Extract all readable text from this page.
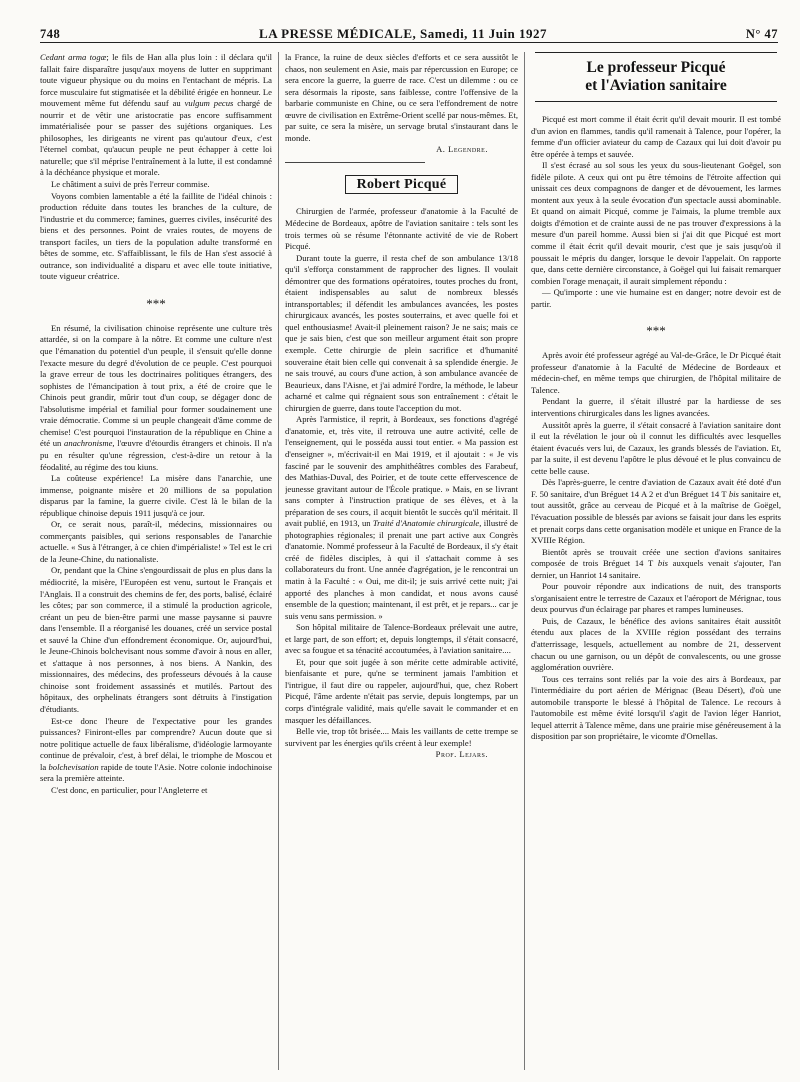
748	LA PRESSE MÉDICALE, Samedi, 11 Juin 1927	N° 47

Cedant arma togæ; le fils de Han alla plus loin : il déclara qu'il fallait faire disparaître jusqu'aux moyens de lutter en supprimant toute vigueur physique ou du moins en l'entachant de mépris. La force musculaire fut stigmatisée et la débilité érigée en honneur. Le mouvement même fut défendu sauf au vulgum pecus chargé de nourrir et de vêtir une aristocratie pas encore suffisamment immatérialisée pour se passer des sujétions organiques. Les philosophes, les dirigeants ne virent pas qu'autour d'eux, c'est l'éternel combat, qu'aucun peuple ne peut échapper à cette loi naturelle; que s'il méprise l'entraînement à la lutte, il est condamné à la déchéance physique et morale.

Le châtiment a suivi de près l'erreur commise.

Voyons combien lamentable a été la faillite de l'idéal chinois : production réduite dans toutes les branches de la culture, de l'industrie et du commerce; famines, guerres civiles, insécurité des biens et des personnes. Point de vraies routes, de moyens de transport faciles, un tiers de la population adulte transformé en bêtes de somme, etc. S'affaiblissant, le fils de Han s'est associé à outrance, son individualité a disparu et avec elle toute initiative, toute vigueur créatrice.

***

En résumé, la civilisation chinoise représente une culture très attardée, si on la compare à la nôtre. Et comme une culture n'est que l'émanation du potentiel d'un peuple, il s'ensuit qu'elle donne l'exacte mesure du degré d'évolution de ce peuple. C'est pourquoi la grave erreur de tous les doctrinaires politiques étrangers, des sophistes de l'émancipation à tout prix, a été de croire que le Chinois peut grandir, mûrir tout d'un coup, se dégager donc de l'absolutisme impérial et familial pour former soudainement une vraie démocratie. Comme si un peuple changeait d'âme comme de chemise! C'est pourquoi l'instauration de la république en Chine a été un anachronisme, l'œuvre d'étourdis étrangers et chinois. Il n'a pu en résulter qu'une régression, c'est-à-dire un retour à la féodalité, au régime des tou kiuns.

La coûteuse expérience! La misère dans l'anarchie, une immense, poignante misère et 20 millions de sa population disparus par la famine, la guerre civile. C'est là le bilan de la république chinoise depuis 1911 jusqu'à ce jour.

Or, ce serait nous, paraît-il, médecins, missionnaires ou commerçants paisibles, qui serions responsables de l'anarchie actuelle. « Sus à l'étranger, à ce chien d'impérialiste! » Tel est le cri de la Jeune-Chine, du nationaliste.

Or, pendant que la Chine s'engourdissait de plus en plus dans la médiocrité, la misère, l'Européen est venu, surtout le Français et l'Anglais. Il a construit des chemins de fer, des ports, balisé, éclairé les côtes; par son commerce, il a stimulé la production agricole, créant un peu de bien-être parmi une masse paysanne si pauvre dans l'ensemble. Il a réorganisé les douanes, créé un service postal et sauvé la Chine d'un effondrement économique. Or, aujourd'hui, le Jeune-Chinois bolchevisant nous somme d'avoir à nous en aller, et s'attaque à nos personnes, à nos biens. A Nankin, des missionnaires, des médecins, des professeurs dévoués à la cause chinoise sont froidement assassinés et mutilés. Partout des hôpitaux, des orphelinats étrangers sont détruits à l'instigation d'étudiants.

Est-ce donc l'heure de l'expectative pour les grandes puissances? Finiront-elles par comprendre? Aucun doute que si notre politique actuelle de faux libéralisme, d'idéologie larmoyante continue de prévaloir, c'est, à bref délai, le triomphe de Moscou et la bolchevisation rapide de toute l'Asie. Notre colonie indochinoise sera la première atteinte.

C'est donc, en particulier, pour l'Angleterre et

la France, la ruine de deux siècles d'efforts et ce sera aussitôt le chaos, non seulement en Asie, mais par répercussion en Europe; ce sera encore la guerre, la guerre de race. C'est un dilemme : ou ce sera désormais la riposte, sans faiblesse, contre l'offensive de la barbarie communiste en Chine, ou ce sera l'effondrement de notre œuvre de civilisation en Extrême-Orient scellé par nous-mêmes. Et, par suite, ce sera la misère, un servage brutal s'instaurant dans le monde.

A. Legendre.

Robert Picqué

Chirurgien de l'armée, professeur d'anatomie à la Faculté de Médecine de Bordeaux, apôtre de l'aviation sanitaire : tels sont les trois termes où se résume l'étonnante activité de vie de Robert Picqué.

Durant toute la guerre, il resta chef de son ambulance 13/18 qu'il s'efforça constamment de rapprocher des lignes. Il voulait démontrer que des formations opératoires, toutes proches du front, étaient indispensables au salut de nombreux blessés intransportables; il défendit les ambulances avancées, les postes chirurgicaux avancés, les postes souterrains, et avec quelle foi et quel enthousiasme! Avait-il pleinement raison? Je ne sais; mais ce que je sais bien, c'est que son meilleur argument était son propre exemple. Cette chirurgie de plein sacrifice et d'humanité souveraine était bien celle qui convenait à sa splendide énergie. Je ne sais trouvé, au cours d'une action, à son ambulance avancée de Beaurieux, dans l'Aisne, et j'ai admiré l'ordre, la méthode, le labeur acharné et calme qui régnaient sous son entraînement : c'était le chirurgien de guerre, dans toute l'acception du mot.

Après l'armistice, il reprit, à Bordeaux, ses fonctions d'agrégé d'anatomie, et, très vite, il retrouva une autre activité, celle de l'enseignement, qui le posséda aussi tout entier. « Ma passion est d'enseigner », m'écrivait-il en Mai 1919, et il ajoutait : « Je vis fasciné par le souvenir des amphithéâtres combles des Farabeuf, des Mathias-Duval, des Poirier, et de toute cette effervescence de jeunesse gravitant autour de l'École pratique. » Mais, en se livrant sans compter à l'instruction pratique de ses élèves, et à la préparation de ses cours, il acquit bientôt le succès qu'il méritait. Il avait publié, en 1913, un Traité d'Anatomie chirurgicale, illustré de photographies régionales; il prenait une part active aux Congrès d'anatomie. Nommé professeur à la Faculté de Bordeaux, il s'y était créé de fidèles disciples, à qui il s'attachait comme à ses collaborateurs du front. Une année d'agrégation, je le rencontrai un matin à la Faculté : « Oui, me dit-il; je suis arrivé cette nuit; j'ai apporté des planches à mon candidat, et nous avons causé ensemble de la question; maintenant, il est prêt, et je repars... car je suis venu sans permission. »

Son hôpital militaire de Talence-Bordeaux prélevait une autre, et large part, de son effort; et, depuis longtemps, il s'était consacré, avec sa fougue et sa ténacité accoutumées, à l'aviation sanitaire....

Et, pour que soit jugée à son mérite cette admirable activité, bienfaisante et pure, qu'ne se terminent jamais l'ambition et l'intrigue, il faut dire ou rappeler, aujourd'hui, que, chez Robert Picqué, l'âme ardente n'était pas servie, depuis longtemps, par un corps d'intégrale validité, mais qu'elle savait le commander et en masquer les défaillances.

Belle vie, trop tôt brisée.... Mais les vaillants de cette trempe se survivent par les énergies qu'ils créent à leur exemple!

Prof. Lejars.

Le professeur Picqué
et l'Aviation sanitaire

Picqué est mort comme il était écrit qu'il devait mourir. Il est tombé d'un avion en flammes, tandis qu'il ramenait à Talence, pour l'opérer, la femme d'un officier aviateur du camp de Cazaux qui lui doit d'avoir pu être opérée à temps et sauvée.

Il s'est écrasé au sol sous les yeux du sous-lieutenant Goëgel, son fidèle pilote. A ceux qui ont pu être témoins de l'étroite affection qui unissait ces deux compagnons de danger et de dévouement, les larmes montent aux yeux à la seule évocation d'un spectacle aussi abominable. Et quand on aimait Picqué, comme je l'aimais, la plume tremble aux doigts d'émotion et de crainte aussi de ne pas trouver d'expressions à la mesure d'un pareil homme. Aussi bien si j'ai dit que Picqué est mort comme il était écrit qu'il devait mourir, c'est que je sais jusqu'où il poussait le mépris du danger, lorsque le devoir l'appelait. On rapporte que, dans cette dernière circonstance, à Goëgel qui lui faisait remarquer combien l'orage menaçait, il aurait simplement répondu :

— Qu'importe : une vie humaine est en danger; notre devoir est de partir.

***

Après avoir été professeur agrégé au Val-de-Grâce, le Dr Picqué était professeur d'anatomie à la Faculté de Médecine de Bordeaux et médecin-chef, en même temps que chirurgien, de l'hôpital militaire de Talence.

Pendant la guerre, il s'était illustré par la hardiesse de ses interventions chirurgicales dans les lignes avancées.

Aussitôt après la guerre, il s'était consacré à l'aviation sanitaire dont il eut la révélation le jour où il connut les difficultés avec lesquelles étaient évacués vers lui, de Cazaux, les grands blessés de l'aviation. Et, par la suite, il est devenu l'apôtre le plus dévoué et le plus convaincu de cette belle cause.

Dès l'après-guerre, le centre d'aviation de Cazaux avait été doté d'un F. 50 sanitaire, d'un Bréguet 14 A 2 et d'un Bréguet 14 T bis sanitaire et, tout aussitôt, grâce au cerveau de Picqué et à la maîtrise de Goëgel, l'évacuation possible de blessés par avions se faisait jour dans les esprits et prenait corps dans cette organisation modèle et unique en France de la XVIIIe Région.

Bientôt après se trouvait créée une section d'avions sanitaires composée de trois Bréguet 14 T bis auxquels venait s'ajouter, l'an dernier, un Hanriot 14 sanitaire.

Pour pouvoir répondre aux indications de nuit, des transports s'organisaient entre le terrestre de Cazaux et l'aéroport de Mérignac, tous deux pourvus d'un éclairage par phares et rampes lumineuses.

Puis, de Cazaux, le bénéfice des avions sanitaires était aussitôt étendu aux places de la XVIIIe région possédant des terrains d'atterrissage, lesquels, actuellement au nombre de 21, desservent chacun ou une garnison, ou un dépôt de convalescents, ou une grosse agglomération ouvrière.

Tous ces terrains sont reliés par la voie des airs à Bordeaux, par l'intermédiaire du port aérien de Mérignac (Beau Désert), d'où une automobile transporte le blessé à l'hôpital de Talence. Le recours à l'automobile est même évité lorsqu'il s'agit de l'avion léger Hanriot, lequel atterrit à Talence même, dans une prairie mise généreusement à la disposition par son propriétaire, le vicomte d'Ornellas.
